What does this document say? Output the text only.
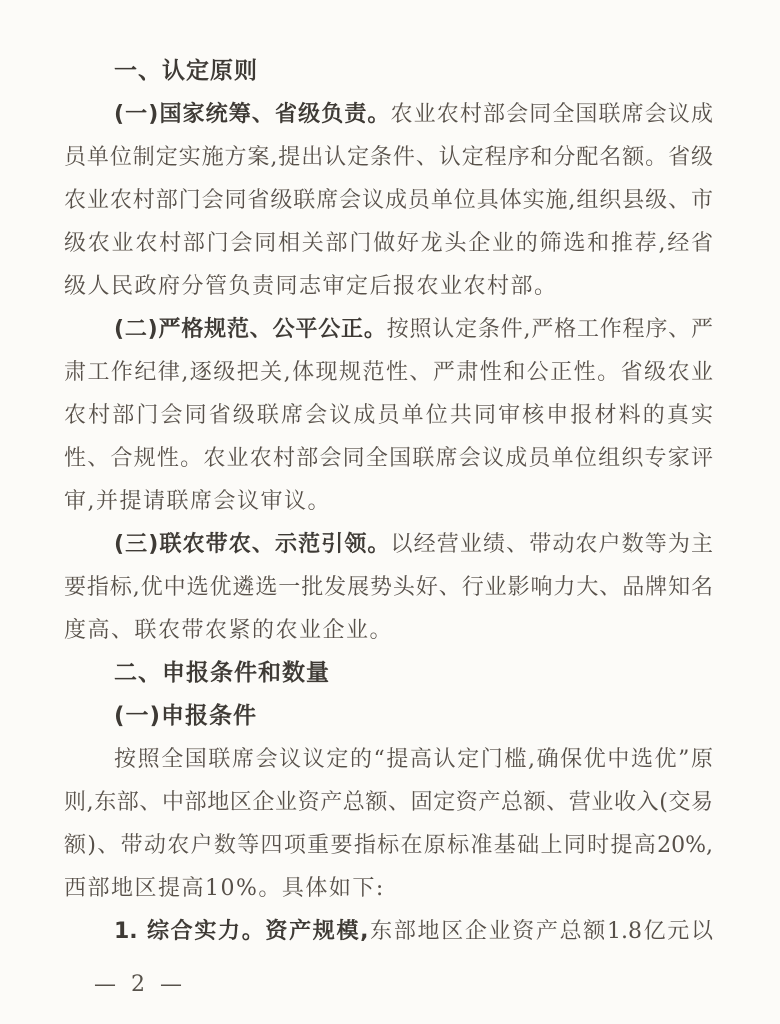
一、认定原则
(一)国家统筹、省级负责。农业农村部会同全国联席会议成
员单位制定实施方案,提出认定条件、认定程序和分配名额。省级
农业农村部门会同省级联席会议成员单位具体实施,组织县级、市
级农业农村部门会同相关部门做好龙头企业的筛选和推荐,经省
级人民政府分管负责同志审定后报农业农村部。
(二)严格规范、公平公正。按照认定条件,严格工作程序、严
肃工作纪律,逐级把关,体现规范性、严肃性和公正性。省级农业
农村部门会同省级联席会议成员单位共同审核申报材料的真实
性、合规性。农业农村部会同全国联席会议成员单位组织专家评
审,并提请联席会议审议。
(三)联农带农、示范引领。以经营业绩、带动农户数等为主
要指标,优中选优遴选一批发展势头好、行业影响力大、品牌知名
度高、联农带农紧的农业企业。
二、申报条件和数量
(一)申报条件
按照全国联席会议议定的“提高认定门槛,确保优中选优”原
则,东部、中部地区企业资产总额、固定资产总额、营业收入(交易
额)、带动农户数等四项重要指标在原标准基础上同时提高20%,
西部地区提高10%。具体如下:
1. 综合实力。资产规模,东部地区企业资产总额1.8亿元以
— 2 —
